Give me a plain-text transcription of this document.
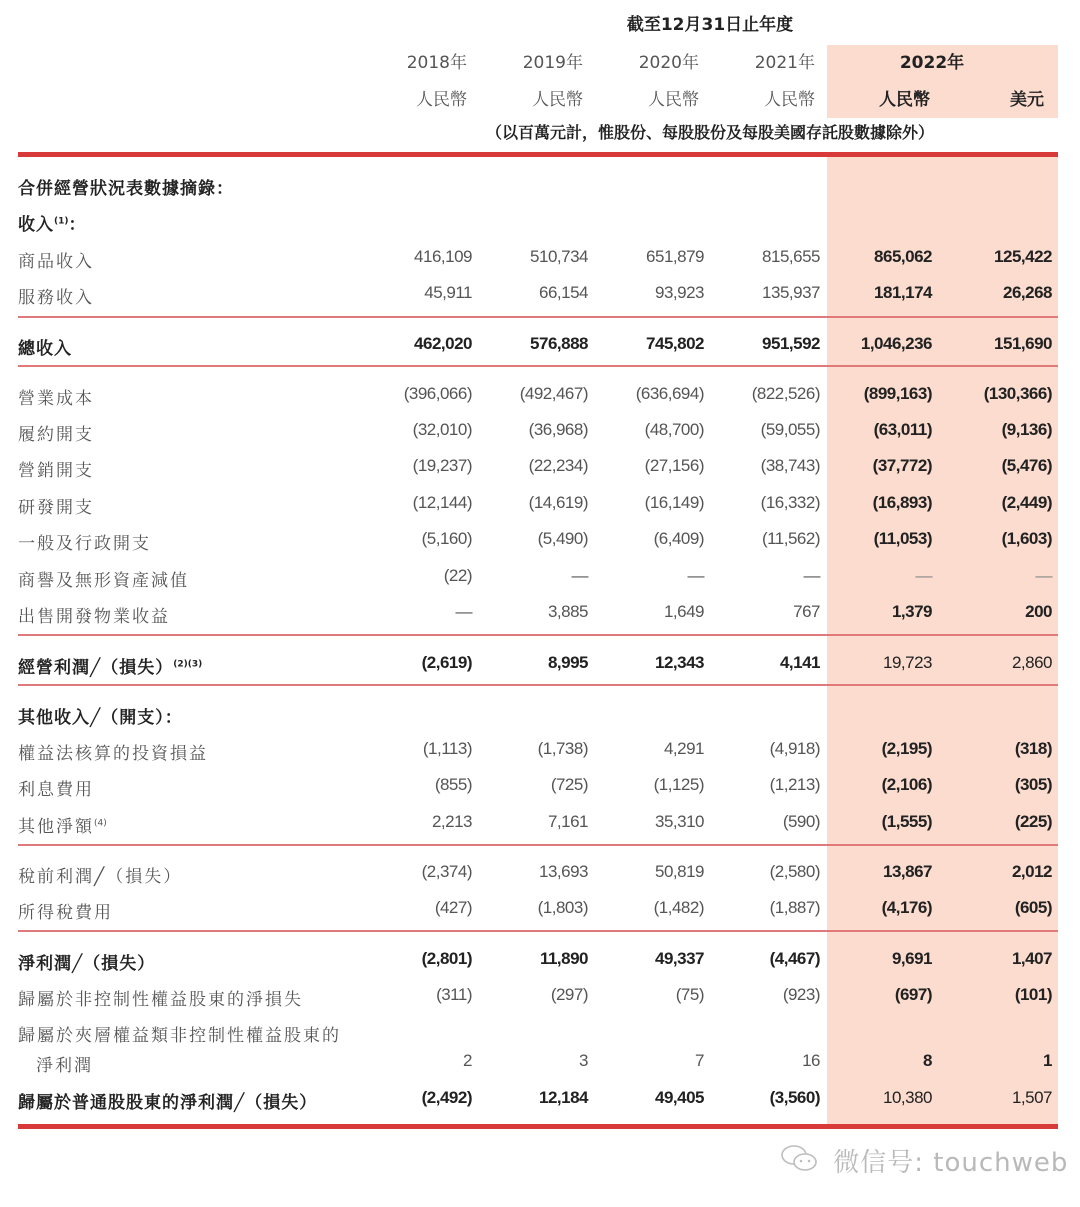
截至12月31日止年度
2018年	2019年	2020年	2021年	2022年
人民幣	人民幣	人民幣	人民幣	人民幣	美元
（以百萬元計，惟股份、每股股份及每股美國存託股數據除外）
合併經營狀況表數據摘錄：
收入$^{(1)}$：
商品收入	416,109	510,734	651,879	815,655	865,062	125,422
服務收入	45,911	66,154	93,923	135,937	181,174	26,268
總收入	462,020	576,888	745,802	951,592	1,046,236	151,690
營業成本	(396,066)	(492,467)	(636,694)	(822,526)	(899,163)	(130,366)
履約開支	(32,010)	(36,968)	(48,700)	(59,055)	(63,011)	(9,136)
營銷開支	(19,237)	(22,234)	(27,156)	(38,743)	(37,772)	(5,476)
研發開支	(12,144)	(14,619)	(16,149)	(16,332)	(16,893)	(2,449)
一般及行政開支	(5,160)	(5,490)	(6,409)	(11,562)	(11,053)	(1,603)
商譽及無形資產減值	(22)	—	—	—	—	—
出售開發物業收益	—	3,885	1,649	767	1,379	200
經營利潤╱（損失）$^{(2)(3)}$	(2,619)	8,995	12,343	4,141	19,723	2,860
其他收入╱（開支）：
權益法核算的投資損益	(1,113)	(1,738)	4,291	(4,918)	(2,195)	(318)
利息費用	(855)	(725)	(1,125)	(1,213)	(2,106)	(305)
其他淨額$^{(4)}$	2,213	7,161	35,310	(590)	(1,555)	(225)
稅前利潤╱（損失）	(2,374)	13,693	50,819	(2,580)	13,867	2,012
所得稅費用	(427)	(1,803)	(1,482)	(1,887)	(4,176)	(605)
淨利潤╱（損失）	(2,801)	11,890	49,337	(4,467)	9,691	1,407
歸屬於非控制性權益股東的淨損失	(311)	(297)	(75)	(923)	(697)	(101)
歸屬於夾層權益類非控制性權益股東的
淨利潤	2	3	7	16	8	1
歸屬於普通股股東的淨利潤╱（損失）	(2,492)	12,184	49,405	(3,560)	10,380	1,507
微信号: touchweb
